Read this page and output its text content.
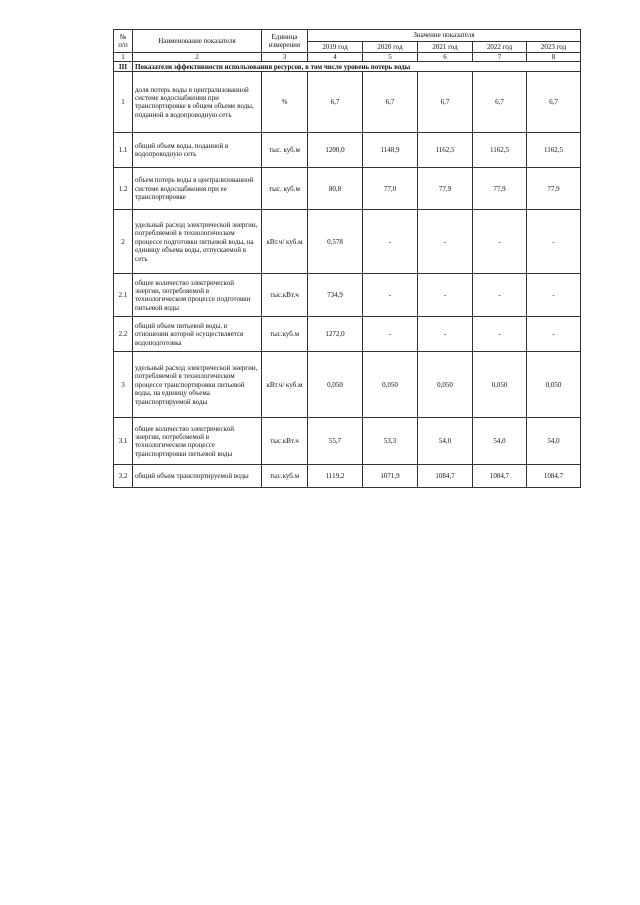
№ п/п	Наименование показателя	Единица измерения	Значение показателя				
			2019 год	2020 год	2021 год	2022 год	2023 год
1	2	3	4	5	6	7	8
III	Показатели эффективности использования ресурсов, в том числе уровень потерь воды						
1	доля потерь воды в централизованной системе водоснабжения при транспортировке в общем объеме воды, поданной в водопроводную сеть	%	6,7	6,7	6,7	6,7	6,7
1.1	общий объем воды, поданной в водопроводную сеть	тыс. куб.м	1200,0	1148,9	1162,5	1162,5	1162,5
1.2	объем потерь воды в централизованной системе водоснабжения при ее транспортировке	тыс. куб.м	80,8	77,0	77,9	77,9	77,9
2	удельный расход электрической энергии, потребляемой в технологическом процессе подготовки питьевой воды, на единицу объема воды, отпускаемой в сеть	кВт.ч/ куб.м	0,578	-	-	-	-
2.1	общее количество электрической энергии, потребляемой в технологическом процессе подготовки питьевой воды	тыс.кВт.ч	734,9	-	-	-	-
2.2	общий объем питьевой воды, в отношении которой осуществляется водоподготовка	тыс.куб.м	1272,0	-	-	-	-
3	удельный расход электрической энергии, потребляемой в технологическом процессе транспортировки питьевой воды, на единицу объема транспортируемой воды	кВт.ч/ куб.м	0,050	0,050	0,050	0,050	0,050
3.1	общее количество электрической энергии, потребляемой в технологическом процессе транспортировки питьевой воды	тыс.кВт.ч	55,7	53,3	54,0	54,0	54,0
3.2	общий объем транспортируемой воды	тыс.куб.м	1119,2	1071,9	1084,7	1084,7	1084,7
